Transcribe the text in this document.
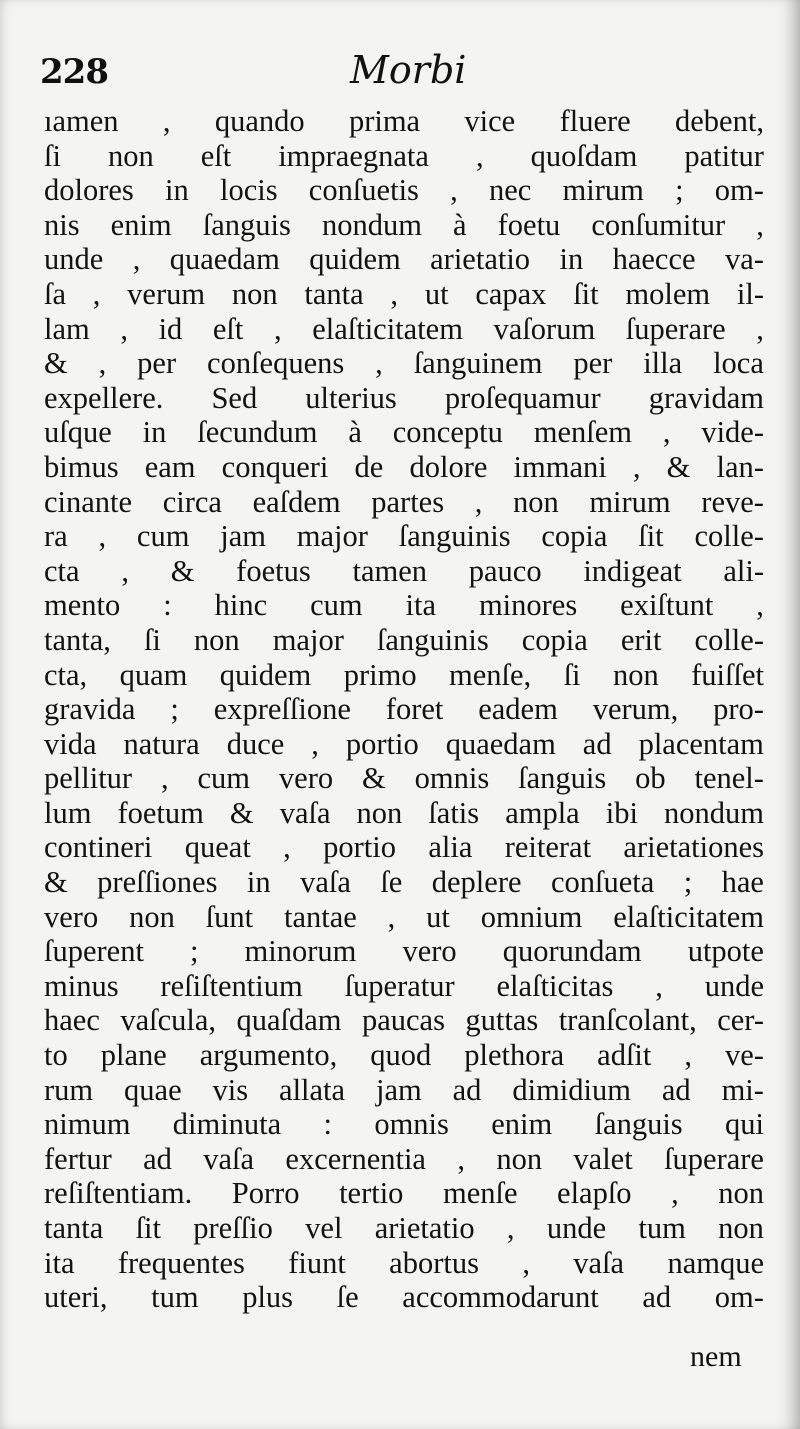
228	Morbi
ıamen , quando prima vice fluere debent,
ſi non eſt impraegnata , quoſdam patitur
dolores in locis conſuetis , nec mirum ; om-
nis enim ſanguis nondum à foetu conſumitur ,
unde , quaedam quidem arietatio in haecce va-
ſa , verum non tanta , ut capax ſit molem il-
lam , id eſt , elaſticitatem vaſorum ſuperare ,
& , per conſequens , ſanguinem per illa loca
expellere. Sed ulterius proſequamur gravidam
uſque in ſecundum à conceptu menſem , vide-
bimus eam conqueri de dolore immani , & lan-
cinante circa eaſdem partes , non mirum reve-
ra , cum jam major ſanguinis copia ſit colle-
cta , & foetus tamen pauco indigeat ali-
mento : hinc cum ita minores exiſtunt ,
tanta, ſi non major ſanguinis copia erit colle-
cta, quam quidem primo menſe, ſi non fuiſſet
gravida ; expreſſione foret eadem verum, pro-
vida natura duce , portio quaedam ad placentam
pellitur , cum vero & omnis ſanguis ob tenel-
lum foetum & vaſa non ſatis ampla ibi nondum
contineri queat , portio alia reiterat arietationes
& preſſiones in vaſa ſe deplere conſueta ; hae
vero non ſunt tantae , ut omnium elaſticitatem
ſuperent ; minorum vero quorundam utpote
minus reſiſtentium ſuperatur elaſticitas , unde
haec vaſcula, quaſdam paucas guttas tranſcolant, cer-
to plane argumento, quod plethora adſit , ve-
rum quae vis allata jam ad dimidium ad mi-
nimum diminuta : omnis enim ſanguis qui
fertur ad vaſa excernentia , non valet ſuperare
reſiſtentiam. Porro tertio menſe elapſo , non
tanta ſit preſſio vel arietatio , unde tum non
ita frequentes fiunt abortus , vaſa namque
uteri, tum plus ſe accommodarunt ad om-
nem
